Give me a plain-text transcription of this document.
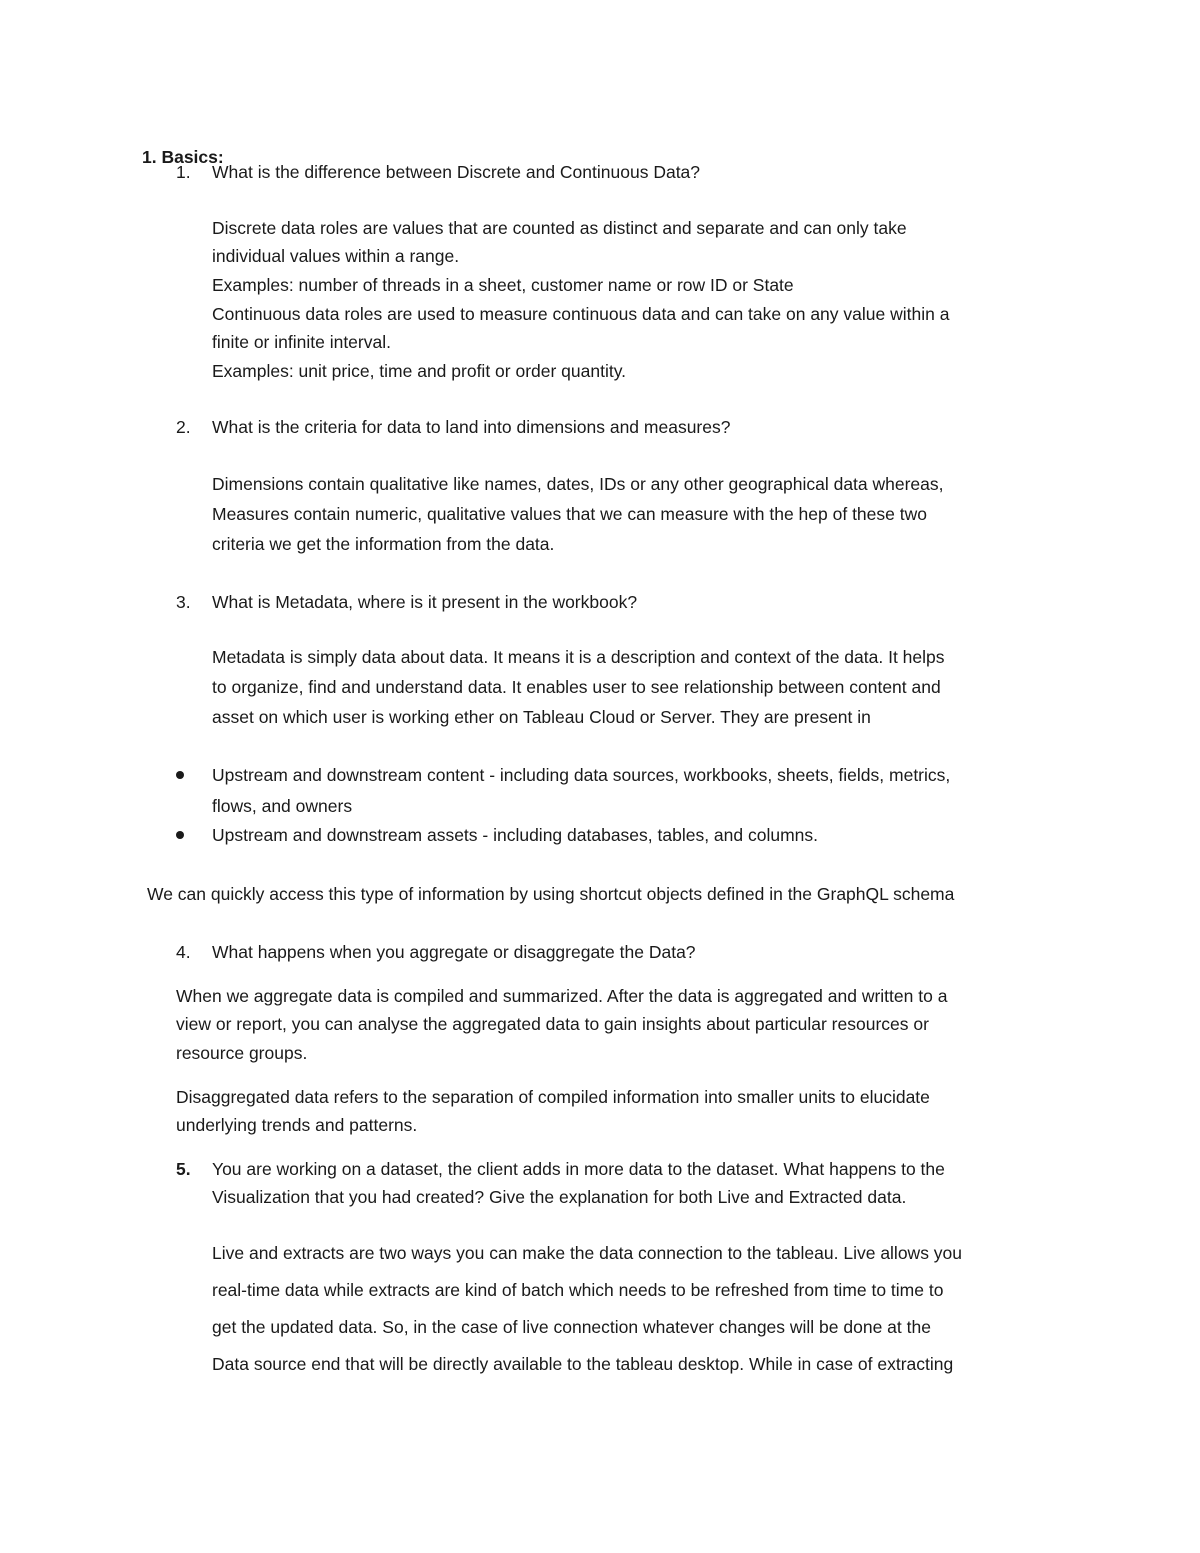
1. Basics:
1. What is the difference between Discrete and Continuous Data?
Discrete data roles are values that are counted as distinct and separate and can only take
individual values within a range.
Examples: number of threads in a sheet, customer name or row ID or State
Continuous data roles are used to measure continuous data and can take on any value within a
finite or infinite interval.
Examples: unit price, time and profit or order quantity.
2. What is the criteria for data to land into dimensions and measures?
Dimensions contain qualitative like names, dates, IDs or any other geographical data whereas,
Measures contain numeric, qualitative values that we can measure with the hep of these two
criteria we get the information from the data.
3. What is Metadata, where is it present in the workbook?
Metadata is simply data about data. It means it is a description and context of the data. It helps
to organize, find and understand data. It enables user to see relationship between content and
asset on which user is working ether on Tableau Cloud or Server. They are present in
Upstream and downstream content - including data sources, workbooks, sheets, fields, metrics,
flows, and owners
Upstream and downstream assets - including databases, tables, and columns.
We can quickly access this type of information by using shortcut objects defined in the GraphQL schema
4. What happens when you aggregate or disaggregate the Data?
When we aggregate data is compiled and summarized. After the data is aggregated and written to a
view or report, you can analyse the aggregated data to gain insights about particular resources or
resource groups.
Disaggregated data refers to the separation of compiled information into smaller units to elucidate
underlying trends and patterns.
5. You are working on a dataset, the client adds in more data to the dataset. What happens to the
Visualization that you had created? Give the explanation for both Live and Extracted data.
Live and extracts are two ways you can make the data connection to the tableau. Live allows you
real-time data while extracts are kind of batch which needs to be refreshed from time to time to
get the updated data. So, in the case of live connection whatever changes will be done at the
Data source end that will be directly available to the tableau desktop. While in case of extracting
